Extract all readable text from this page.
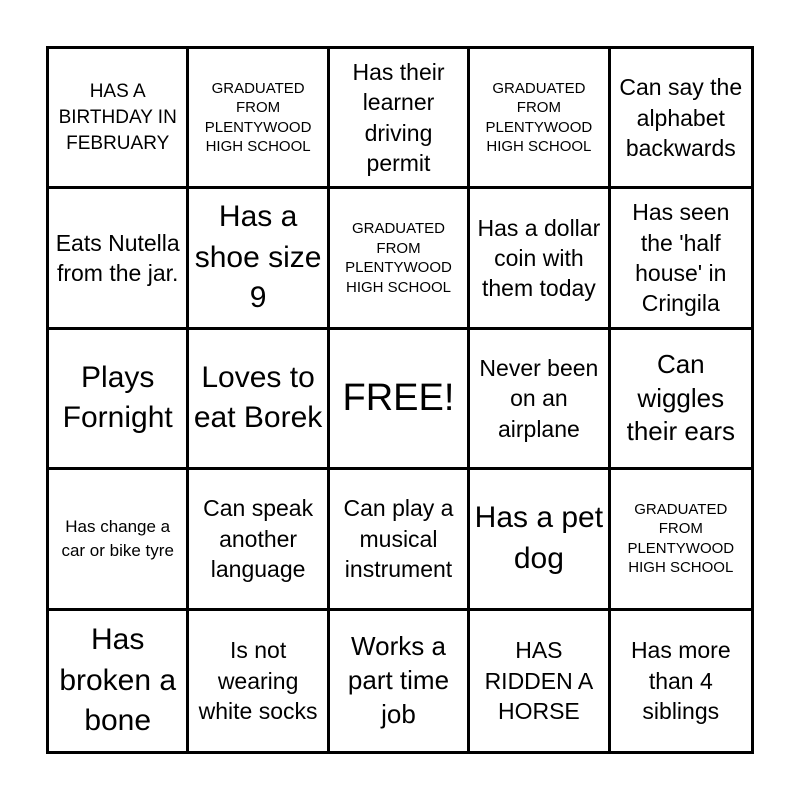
HAS A BIRTHDAY IN FEBRUARY
GRADUATED FROM PLENTYWOOD HIGH SCHOOL
Has their learner driving permit
GRADUATED FROM PLENTYWOOD HIGH SCHOOL
Can say the alphabet backwards
Eats Nutella from the jar.
Has a shoe size 9
GRADUATED FROM PLENTYWOOD HIGH SCHOOL
Has a dollar coin with them today
Has seen the 'half house' in Cringila
Plays Fornight
Loves to eat Borek FREE!
Never been on an airplane
Can wiggles their ears
Has change a car or bike tyre
Can speak another language
Can play a musical instrument
Has a pet dog
GRADUATED FROM PLENTYWOOD HIGH SCHOOL
Has broken a bone
Is not wearing white socks
Works a part time job
HAS RIDDEN A HORSE
Has more than 4 siblings
